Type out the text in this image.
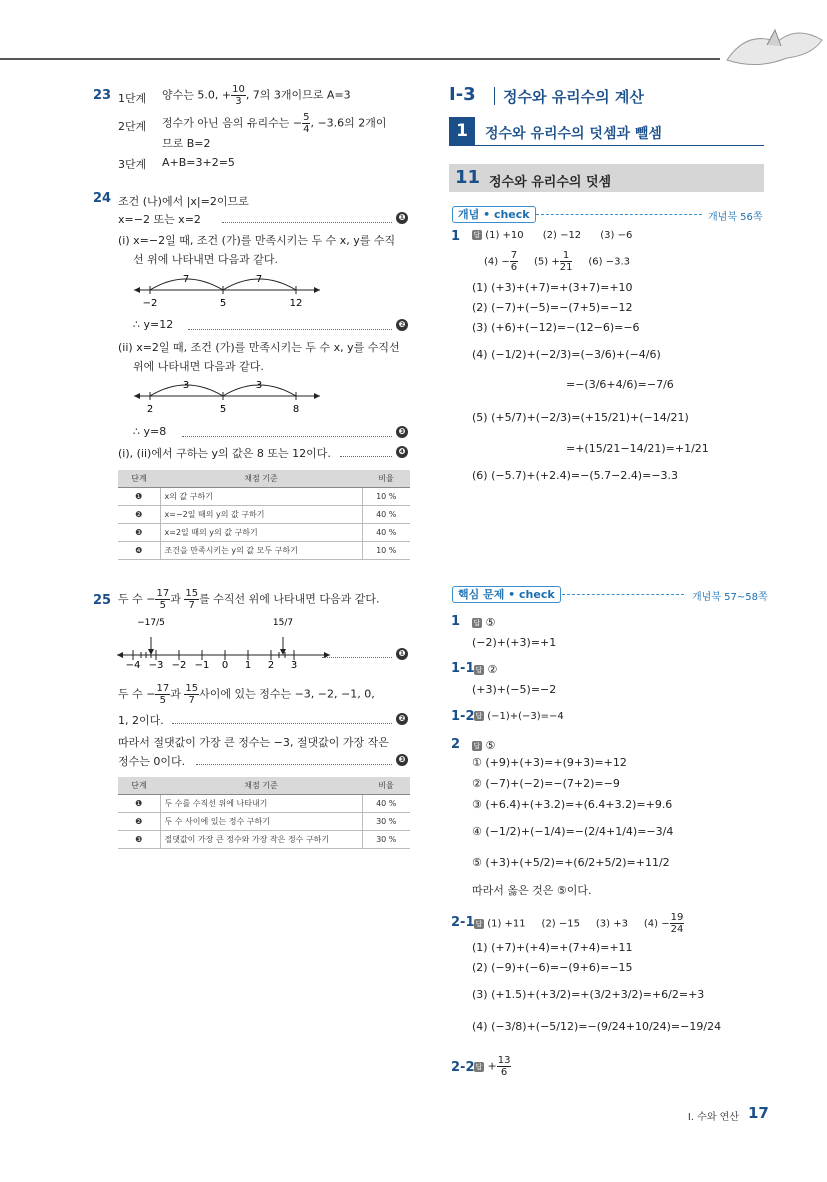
23 1단계 양수는 5.0, + $\frac{10}{3}$ , 7의 3개이므로 A=3
2단계 정수가 아닌 음의 유리수는 − $\frac{5}{4}$ , −3.6의 2개이
므로 B=2
3단계 A+B=3+2=5
24 조건 (나)에서 |x|=2이므로
x=−2 또는 x=2	❶
(i) x=−2일 때, 조건 (가)를 만족시키는 두 수 x, y를 수직
선 위에 나타내면 다음과 같다.
7	7
−2	5	12
∴ y=12	❷
(ii) x=2일 때, 조건 (가)를 만족시키는 두 수 x, y를 수직선
위에 나타내면 다음과 같다.
3	3
2	5	8
∴ y=8	❸
(i), (ii)에서 구하는 y의 값은 8 또는 12이다.	❹
단계	채점 기준	비율
❶	x의 값 구하기	10 %
❷	x=−2일 때의 y의 값 구하기	40 %
❸	x=2일 때의 y의 값 구하기	40 %
❹	조건을 만족시키는 y의 값 모두 구하기	10 %
25 두 수 − $\frac{17}{5}$ 과 $\frac{15}{7}$ 를 수직선 위에 나타내면 다음과 같다.
−17/5	15/7
−4 −3 −2 −1 0 1 2 3
❶
두 수 − $\frac{17}{5}$ 과 $\frac{15}{7}$ 사이에 있는 정수는 −3, −2, −1, 0,
1, 2이다.	❷
따라서 절댓값이 가장 큰 정수는 −3, 절댓값이 가장 작은
정수는 0이다.	❸
단계	채점 기준	비율
❶	두 수를 수직선 위에 나타내기	40 %
❷	두 수 사이에 있는 정수 구하기	30 %
❸	절댓값이 가장 큰 정수와 가장 작은 정수 구하기	30 %
Ⅰ-3 정수와 유리수의 계산
1	정수와 유리수의 덧셈과 뺄셈
11 정수와 유리수의 덧셈
개념 • check	개념북 56쪽
1 답 (1) +10 (2) −12 (3) −6
$(4) - \frac{7}{6} (5) + \frac{1}{21} (6) -3.3$
(1) (+3)+(+7)=+(3+7)=+10
(2) (−7)+(−5)=−(7+5)=−12
(3) (+6)+(−12)=−(12−6)=−6
(4) (−1/2)+(−2/3)=(−3/6)+(−4/6)
=−(3/6+4/6)=−7/6
(5) (+5/7)+(−2/3)=(+15/21)+(−14/21)
=+(15/21−14/21)=+1/21
(6) (−5.7)+(+2.4)=−(5.7−2.4)=−3.3
핵심 문제 • check	개념북 57~58쪽
1 답 ⑤
(−2)+(+3)=+1
1-1 답 ②
(+3)+(−5)=−2
1-2 답 (−1)+(−3)=−4
2 답 ⑤
① (+9)+(+3)=+(9+3)=+12
② (−7)+(−2)=−(7+2)=−9
③ (+6.4)+(+3.2)=+(6.4+3.2)=+9.6
④ (−1/2)+(−1/4)=−(2/4+1/4)=−3/4
⑤ (+3)+(+5/2)=+(6/2+5/2)=+11/2
따라서 옳은 것은 ⑤이다.
2-1 답 (1) +11 (2) −15 (3) +3 $(4) - \frac{19}{24}$
(1) (+7)+(+4)=+(7+4)=+11
(2) (−9)+(−6)=−(9+6)=−15
(3) (+1.5)+(+3/2)=+(3/2+3/2)=+6/2=+3
(4) (−3/8)+(−5/12)=−(9/24+10/24)=−19/24
2-2 답 + $\frac{13}{6}$
Ⅰ. 수와 연산 17
